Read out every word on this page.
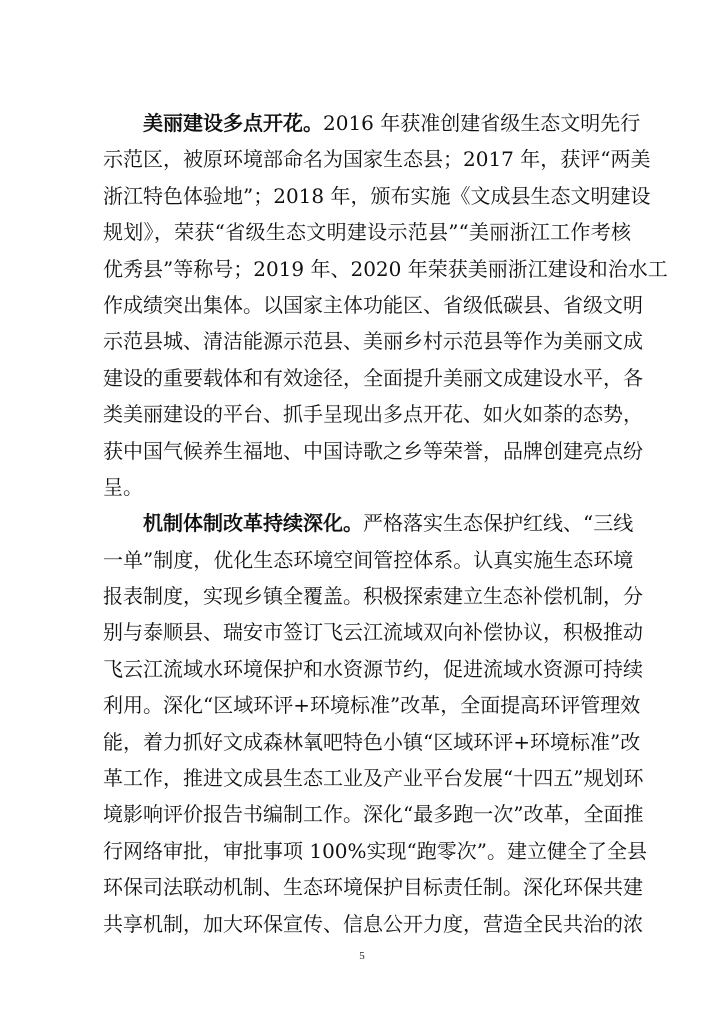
美丽建设多点开花。2016 年获准创建省级生态文明先行
示范区，被原环境部命名为国家生态县；2017 年，获评“两美
浙江特色体验地”；2018 年，颁布实施《文成县生态文明建设
规划》，荣获“省级生态文明建设示范县”“美丽浙江工作考核
优秀县”等称号；2019 年、2020 年荣获美丽浙江建设和治水工
作成绩突出集体。以国家主体功能区、省级低碳县、省级文明
示范县城、清洁能源示范县、美丽乡村示范县等作为美丽文成
建设的重要载体和有效途径，全面提升美丽文成建设水平，各
类美丽建设的平台、抓手呈现出多点开花、如火如荼的态势，
获中国气候养生福地、中国诗歌之乡等荣誉，品牌创建亮点纷
呈。
机制体制改革持续深化。严格落实生态保护红线、“三线
一单”制度，优化生态环境空间管控体系。认真实施生态环境
报表制度，实现乡镇全覆盖。积极探索建立生态补偿机制，分
别与泰顺县、瑞安市签订飞云江流域双向补偿协议，积极推动
飞云江流域水环境保护和水资源节约，促进流域水资源可持续
利用。深化“区域环评+环境标准”改革，全面提高环评管理效
能，着力抓好文成森林氧吧特色小镇“区域环评+环境标准”改
革工作，推进文成县生态工业及产业平台发展“十四五”规划环
境影响评价报告书编制工作。深化“最多跑一次”改革，全面推
行网络审批，审批事项 100%实现“跑零次”。建立健全了全县
环保司法联动机制、生态环境保护目标责任制。深化环保共建
共享机制，加大环保宣传、信息公开力度，营造全民共治的浓
5
